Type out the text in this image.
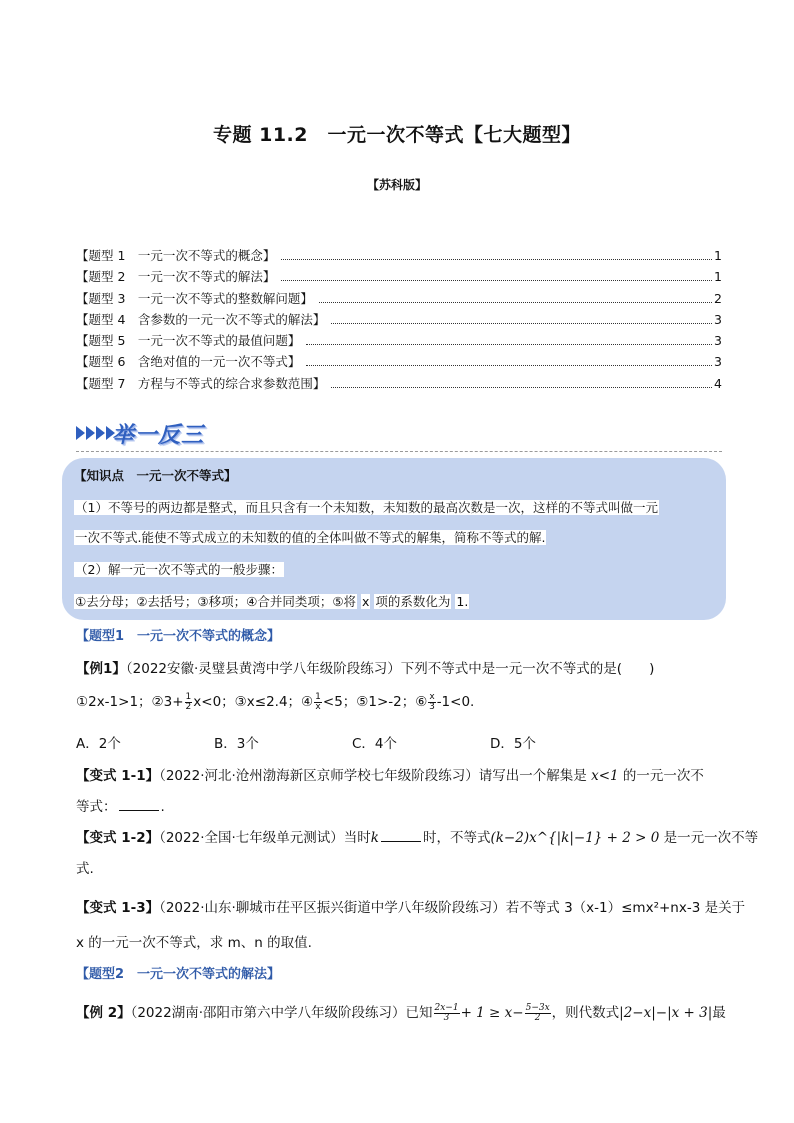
专题 11.2　一元一次不等式【七大题型】
【苏科版】
【题型 1　一元一次不等式的概念】	1
【题型 2　一元一次不等式的解法】	1
【题型 3　一元一次不等式的整数解问题】	2
【题型 4　含参数的一元一次不等式的解法】	3
【题型 5　一元一次不等式的最值问题】	3
【题型 6　含绝对值的一元一次不等式】	3
【题型 7　方程与不等式的综合求参数范围】	4
举一反三
【知识点　一元一次不等式】
（1）不等号的两边都是整式，而且只含有一个未知数，未知数的最高次数是一次，这样的不等式叫做一元
一次不等式.能使不等式成立的未知数的值的全体叫做不等式的解集，简称不等式的解.
（2）解一元一次不等式的一般步骤：
①去分母；②去括号；③移项；④合并同类项；⑤将 x 项的系数化为 1.
【题型1　一元一次不等式的概念】
【例1】（2022安徽·灵璧县黄湾中学八年级阶段练习）下列不等式中是一元一次不等式的是(　　)
①2x-1>1；②3+ $\frac{1}{2} x<0$；③x≤2.4；④ $\frac{1}{x} <5$；⑤1>-2；⑥ $\frac{x}{3} -1<0$.
A．2个	B．3个	C．4个	D．5个
【变式 1-1】（2022·河北·沧州渤海新区京师学校七年级阶段练习）请写出一个解集是 x<1 的一元一次不
等式：	.
【变式 1-2】（2022·全国·七年级单元测试）当时k	时，不等式(k−2)x^{|k|−1} + 2 > 0 是一元一次不等
式.
【变式 1-3】（2022·山东·聊城市茌平区振兴街道中学八年级阶段练习）若不等式 3（x-1）≤mx²+nx-3 是关于
x 的一元一次不等式，求 m、n 的取值.
【题型2　一元一次不等式的解法】
【例 2】（2022湖南·邵阳市第六中学八年级阶段练习）已知 $\frac{2x-1}{3} + 1 \ge x- \frac{5-3x}{2}$ ，则代数式|2−x|−|x + 3|最
